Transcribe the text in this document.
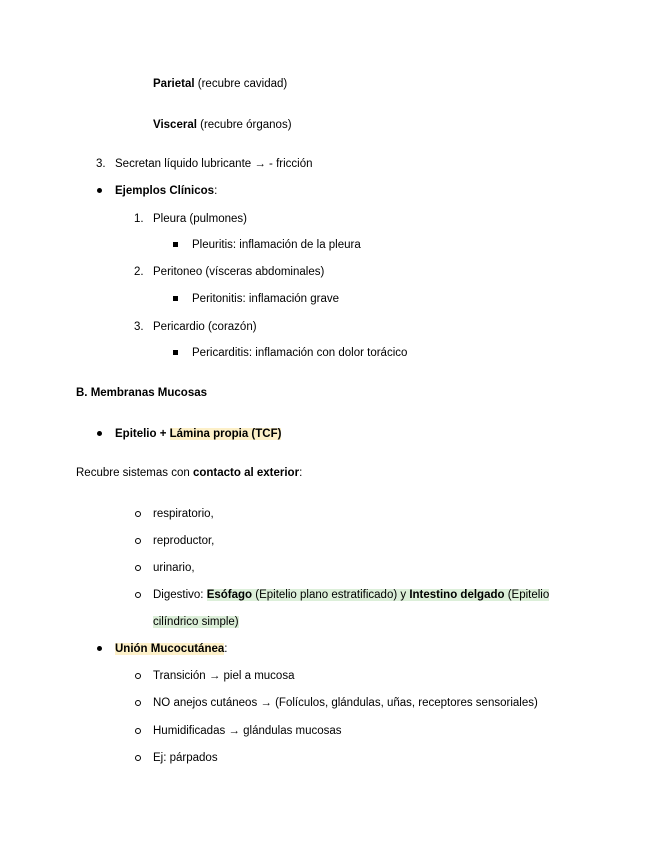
Parietal (recubre cavidad)
Visceral (recubre órganos)
3. Secretan líquido lubricante → - fricción
Ejemplos Clínicos:
1. Pleura (pulmones)
Pleuritis: inflamación de la pleura
2. Peritoneo (vísceras abdominales)
Peritonitis: inflamación grave
3. Pericardio (corazón)
Pericarditis: inflamación con dolor torácico
B. Membranas Mucosas
Epitelio + Lámina propia (TCF)
Recubre sistemas con contacto al exterior:
respiratorio,
reproductor,
urinario,
Digestivo: Esófago (Epitelio plano estratificado) y Intestino delgado (Epitelio
cilíndrico simple)
Unión Mucocutánea:
Transición → piel a mucosa
NO anejos cutáneos → (Folículos, glándulas, uñas, receptores sensoriales)
Humidificadas → glándulas mucosas
Ej: párpados
